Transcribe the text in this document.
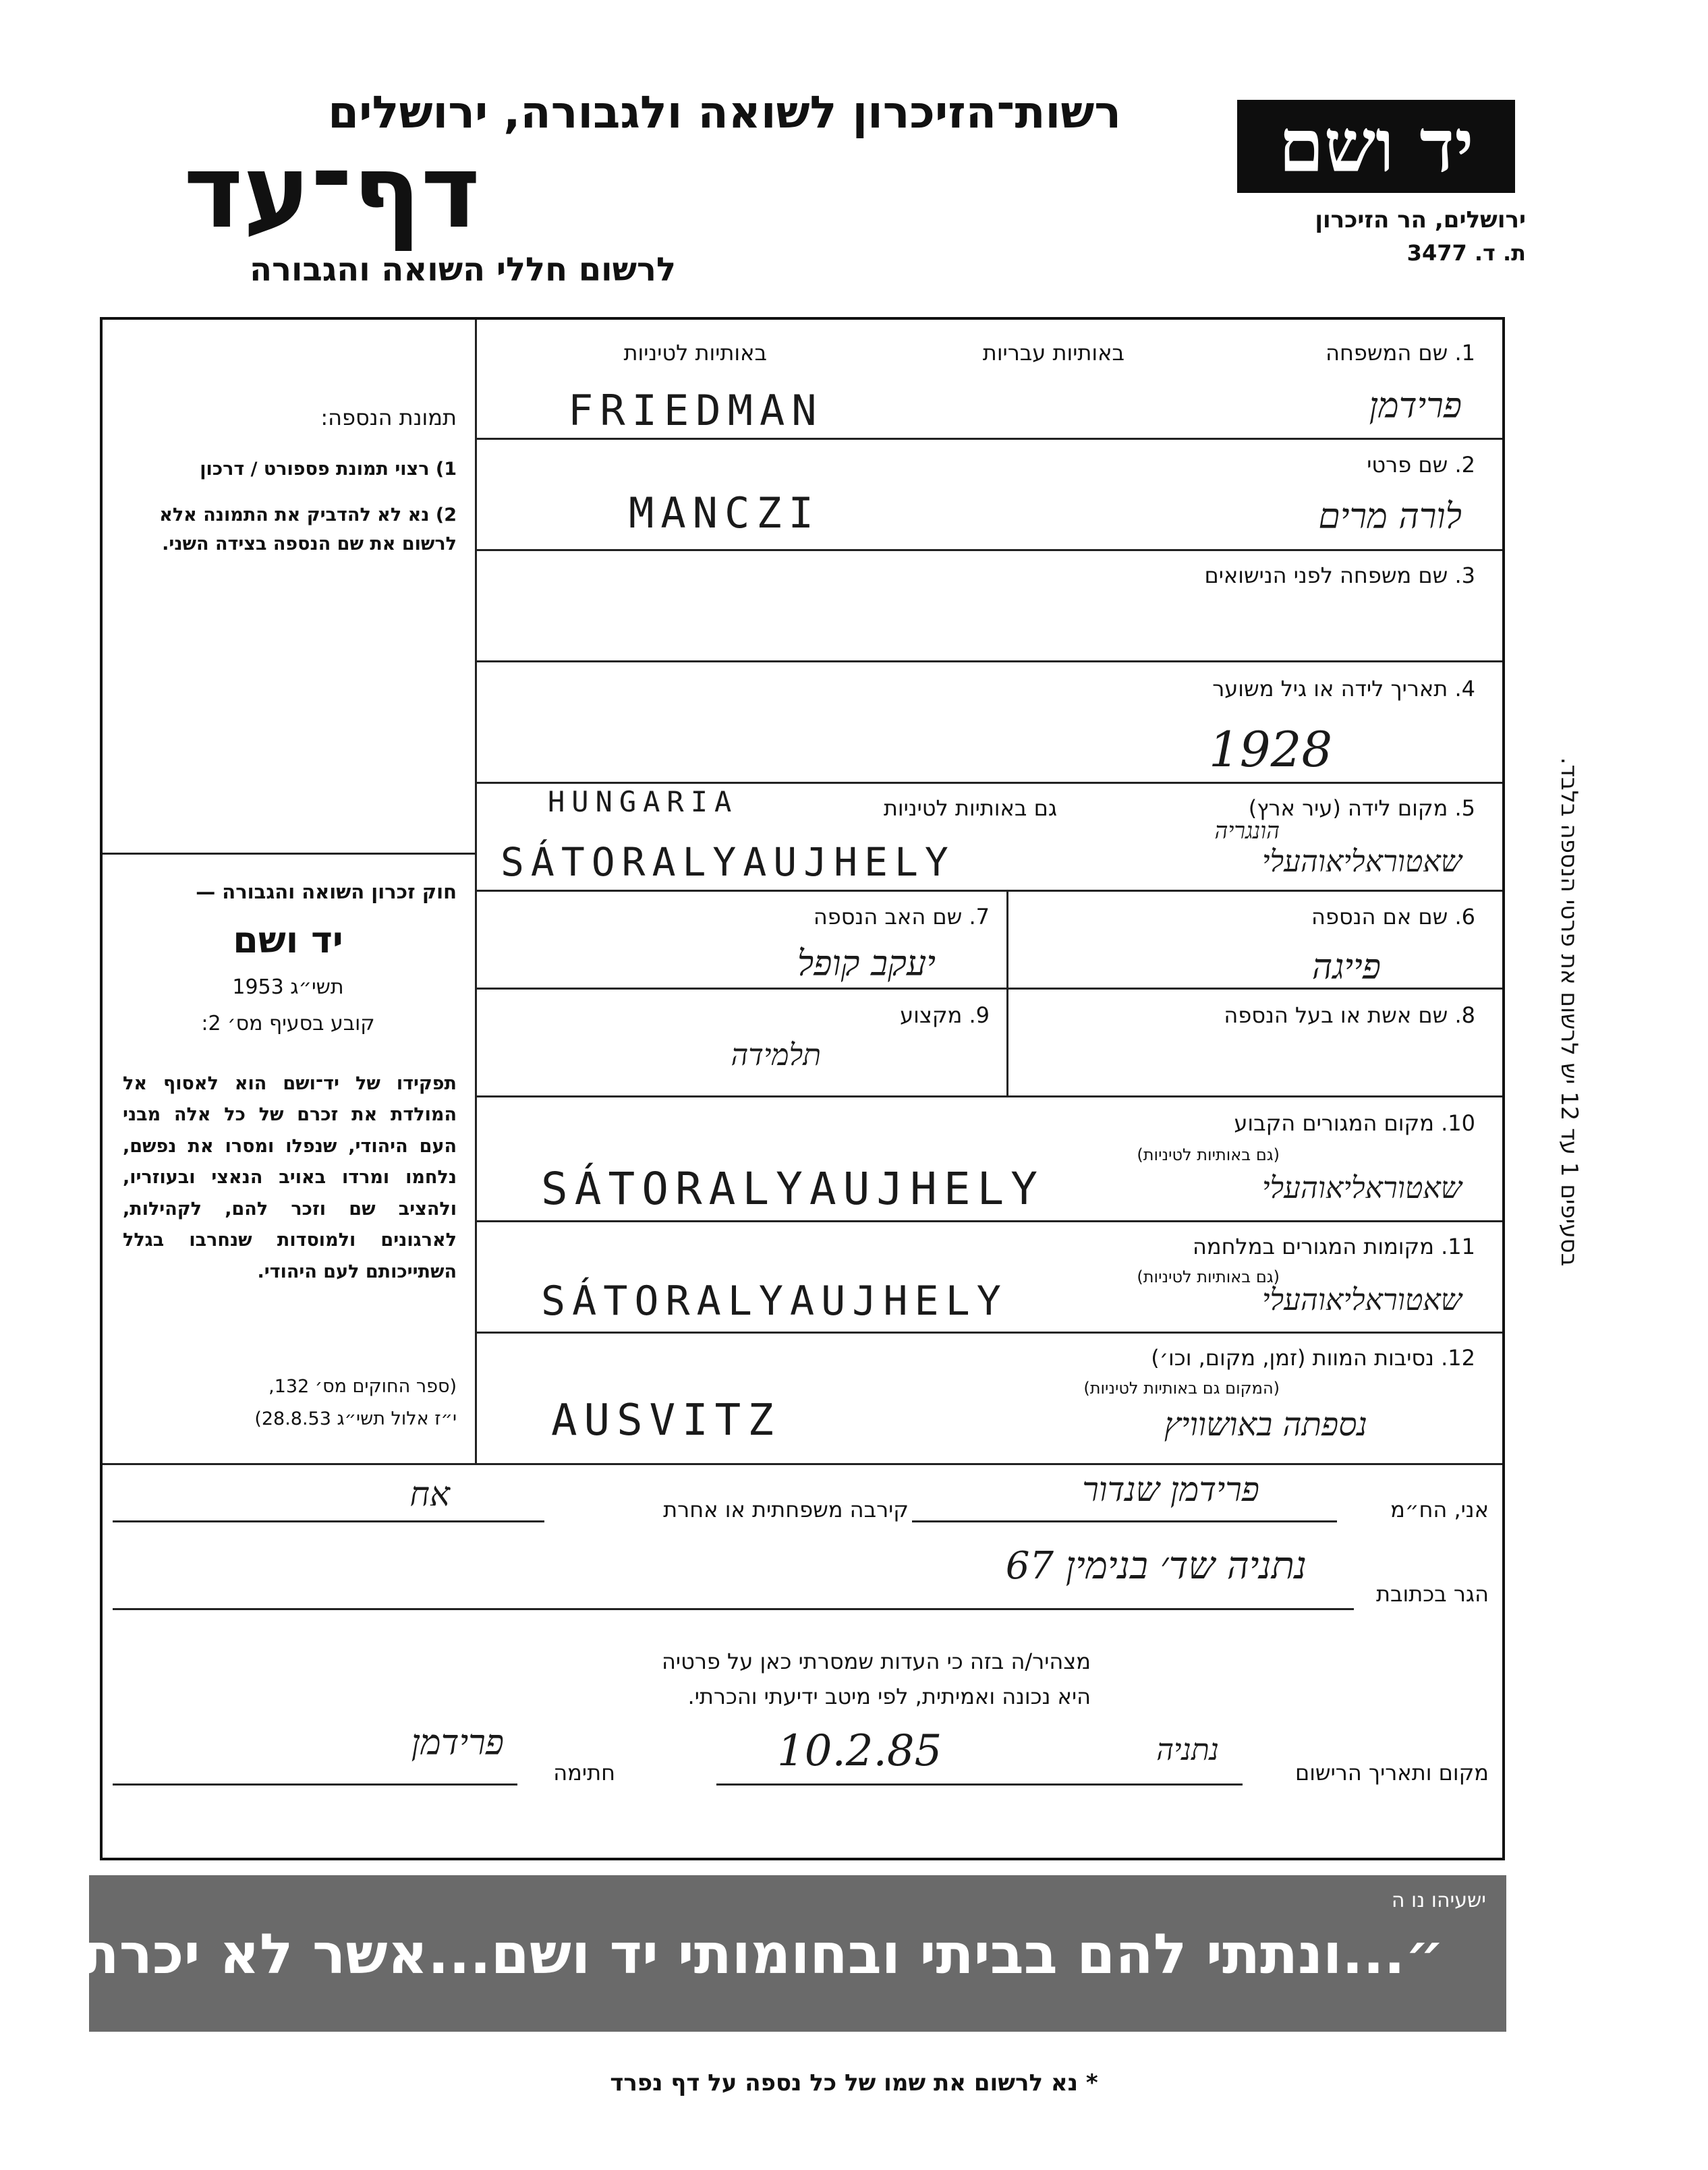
יד ושם
רשות־הזיכרון לשואה ולגבורה, ירושלים
דף־עד
לרשום חללי השואה והגבורה
ירושלים, הר הזיכרון
ת. ד. 3477
בסעיפים 1 עד 12 יש לרשום את פרטי הנספה בלבד.
באותיות לטיניות	באותיות עבריות	1. שם המשפחה
FRIEDMAN	פרידמן
2. שם פרטי
MANCZI	לורה מרים
3. שם משפחה לפני הנישואים
4. תאריך לידה או גיל משוער
1928
5. מקום לידה (עיר ארץ)
גם באותיות לטיניות
HUNGARIA
הונגריה
SÁTORALYAUJHELY	שאטוראליאוהעלי
6. שם אם הנספה
פייגה
7. שם האב הנספה
יעקב קופל
8. שם אשת או בעל הנספה
9. מקצוע
תלמידה
10. מקום המגורים הקבוע
(גם באותיות לטיניות)
SÁTORALYAUJHELY	שאטוראליאוהעלי
11. מקומות המגורים במלחמה
(גם באותיות לטיניות)
SÁTORALYAUJHELY	שאטוראליאוהעלי
12. נסיבות המוות (זמן, מקום, וכו׳)
(המקום גם באותיות לטיניות)
AUSVITZ	נספתה באושוויץ
תמונת הנספה:
1) רצוי תמונת פספורט / דרכון
2) נא לא להדביק את התמונה אלא לרשום את שם הנספה בצידה השני.
חוק זכרון השואה והגבורה —
יד ושם
תשי״ג 1953
קובע בסעיף מס׳ 2:
תפקידו של יד־ושם הוא לאסוף אל המולדת את זכרם של כל אלה מבני העם היהודי, שנפלו ומסרו את נפשם, נלחמו ומרדו באויב הנאצי ובעוזריו, ולהציב שם וזכר להם, לקהילות, לארגונים ולמוסדות שנחרבו בגלל השתייכותם לעם היהודי.
(ספר החוקים מס׳ 132,
י״ז אלול תשי״ג 28.8.53)
אני, הח״מ
פרידמן שנדור
קירבה משפחתית או אחרת
אח
הגר בכתובת
נתניה שד׳ בנימין 67
מצהיר/ה בזה כי העדות שמסרתי כאן על פרטיה
היא נכונה ואמיתית, לפי מיטב ידיעתי והכרתי.
מקום ותאריך הרישום
נתניה
10.2.85
חתימה
פרידמן
״...ונתתי להם בביתי ובחומותי יד ושם...אשר לא יכרת״
ישעיהו נו ה
* נא לרשום את שמו של כל נספה על דף נפרד
